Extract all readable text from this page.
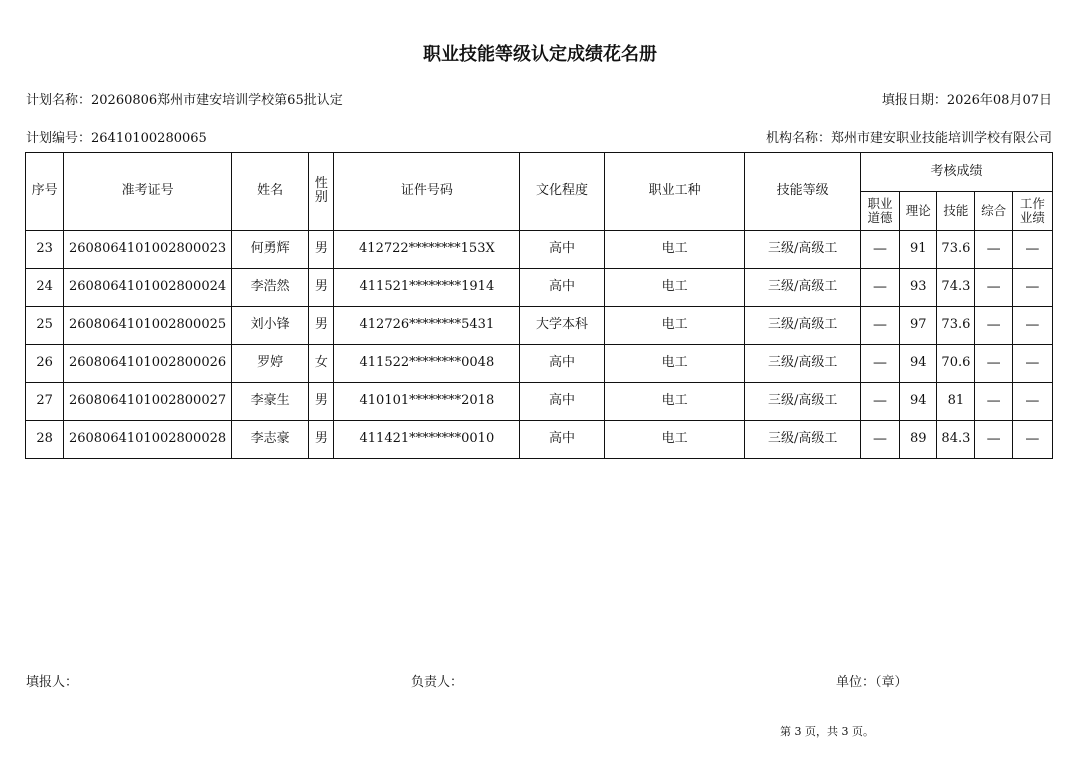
职业技能等级认定成绩花名册
计划名称：20260806郑州市建安培训学校第65批认定	填报日期：2026年08月07日
计划编号：26410100280065	机构名称：郑州市建安职业技能培训学校有限公司
序号	准考证号	姓名	性别	证件号码	文化程度	职业工种	技能等级	考核成绩				
								职业道德	理论	技能	综合	工作业绩
23	2608064101002800023	何勇辉	男	412722********153X	高中	电工	三级/高级工	—	91	73.6	—	—
24	2608064101002800024	李浩然	男	411521********1914	高中	电工	三级/高级工	—	93	74.3	—	—
25	2608064101002800025	刘小锋	男	412726********5431	大学本科	电工	三级/高级工	—	97	73.6	—	—
26	2608064101002800026	罗婷	女	411522********0048	高中	电工	三级/高级工	—	94	70.6	—	—
27	2608064101002800027	李豪生	男	410101********2018	高中	电工	三级/高级工	—	94	81	—	—
28	2608064101002800028	李志豪	男	411421********0010	高中	电工	三级/高级工	—	89	84.3	—	—
填报人：	负责人：	单位：（章）
第 3 页，共 3 页。
